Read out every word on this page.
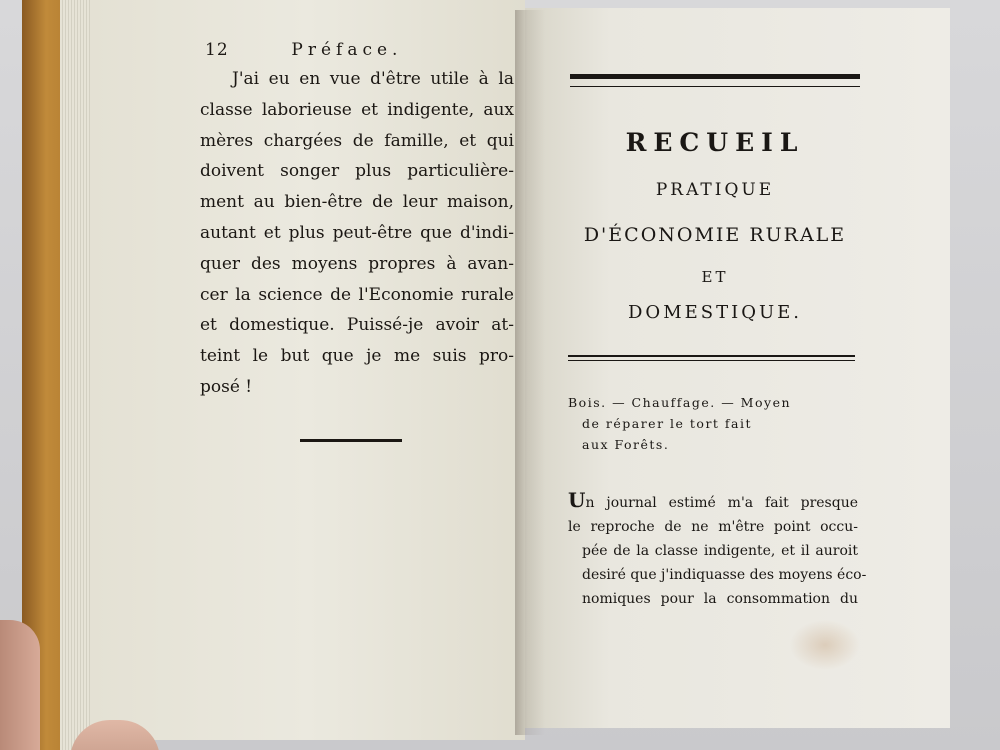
12	Préface.
J'ai eu en vue d'être utile à la
classe laborieuse et indigente, aux
mères chargées de famille, et qui
doivent songer plus particulière-
ment au bien-être de leur maison,
autant et plus peut-être que d'indi-
quer des moyens propres à avan-
cer la science de l'Economie rurale
et domestique. Puissé-je avoir at-
teint le but que je me suis pro-
posé !
RECUEIL
PRATIQUE
D'ÉCONOMIE RURALE
ET
DOMESTIQUE.
Bois. — Chauffage. — Moyen
de réparer le tort fait
aux Forêts.
Un journal estimé m'a fait presque
le reproche de ne m'être point occu-
pée de la classe indigente, et il auroit
desiré que j'indiquasse des moyens éco-
nomiques pour la consommation du
